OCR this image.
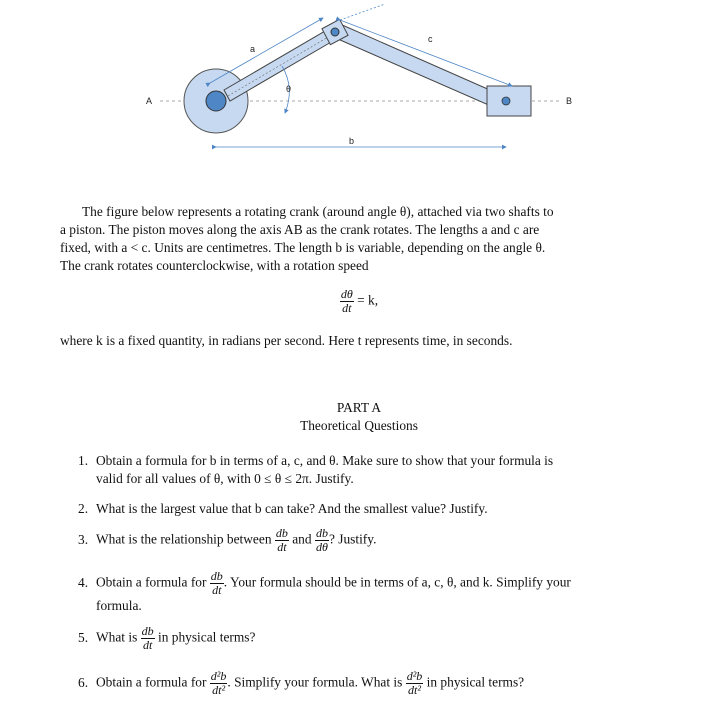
A	B
a
c
b
θ
The figure below represents a rotating crank (around angle θ), attached via two shafts to
a piston. The piston moves along the axis AB as the crank rotates. The lengths a and c are
fixed, with a < c. Units are centimetres. The length b is variable, depending on the angle θ.
The crank rotates counterclockwise, with a rotation speed
$\frac{d\theta}{dt} = k$,
where k is a fixed quantity, in radians per second. Here t represents time, in seconds.
PART A
Theoretical Questions
1. Obtain a formula for b in terms of a, c, and θ. Make sure to show that your formula is
valid for all values of θ, with 0 ≤ θ ≤ 2π. Justify.
2. What is the largest value that b can take? And the smallest value? Justify.
3. What is the relationship between $\frac{db}{dt}$ and $\frac{db}{d\theta}$ ? Justify.
4. Obtain a formula for $\frac{db}{dt}$ . Your formula should be in terms of a, c, θ, and k. Simplify your
formula.
5. What is $\frac{db}{dt}$ in physical terms?
6. Obtain a formula for $\frac{\text{d²b}}{\text{dt²}}$ . Simplify your formula. What is $\frac{\text{d²b}}{\text{dt²}}$ in physical terms?
